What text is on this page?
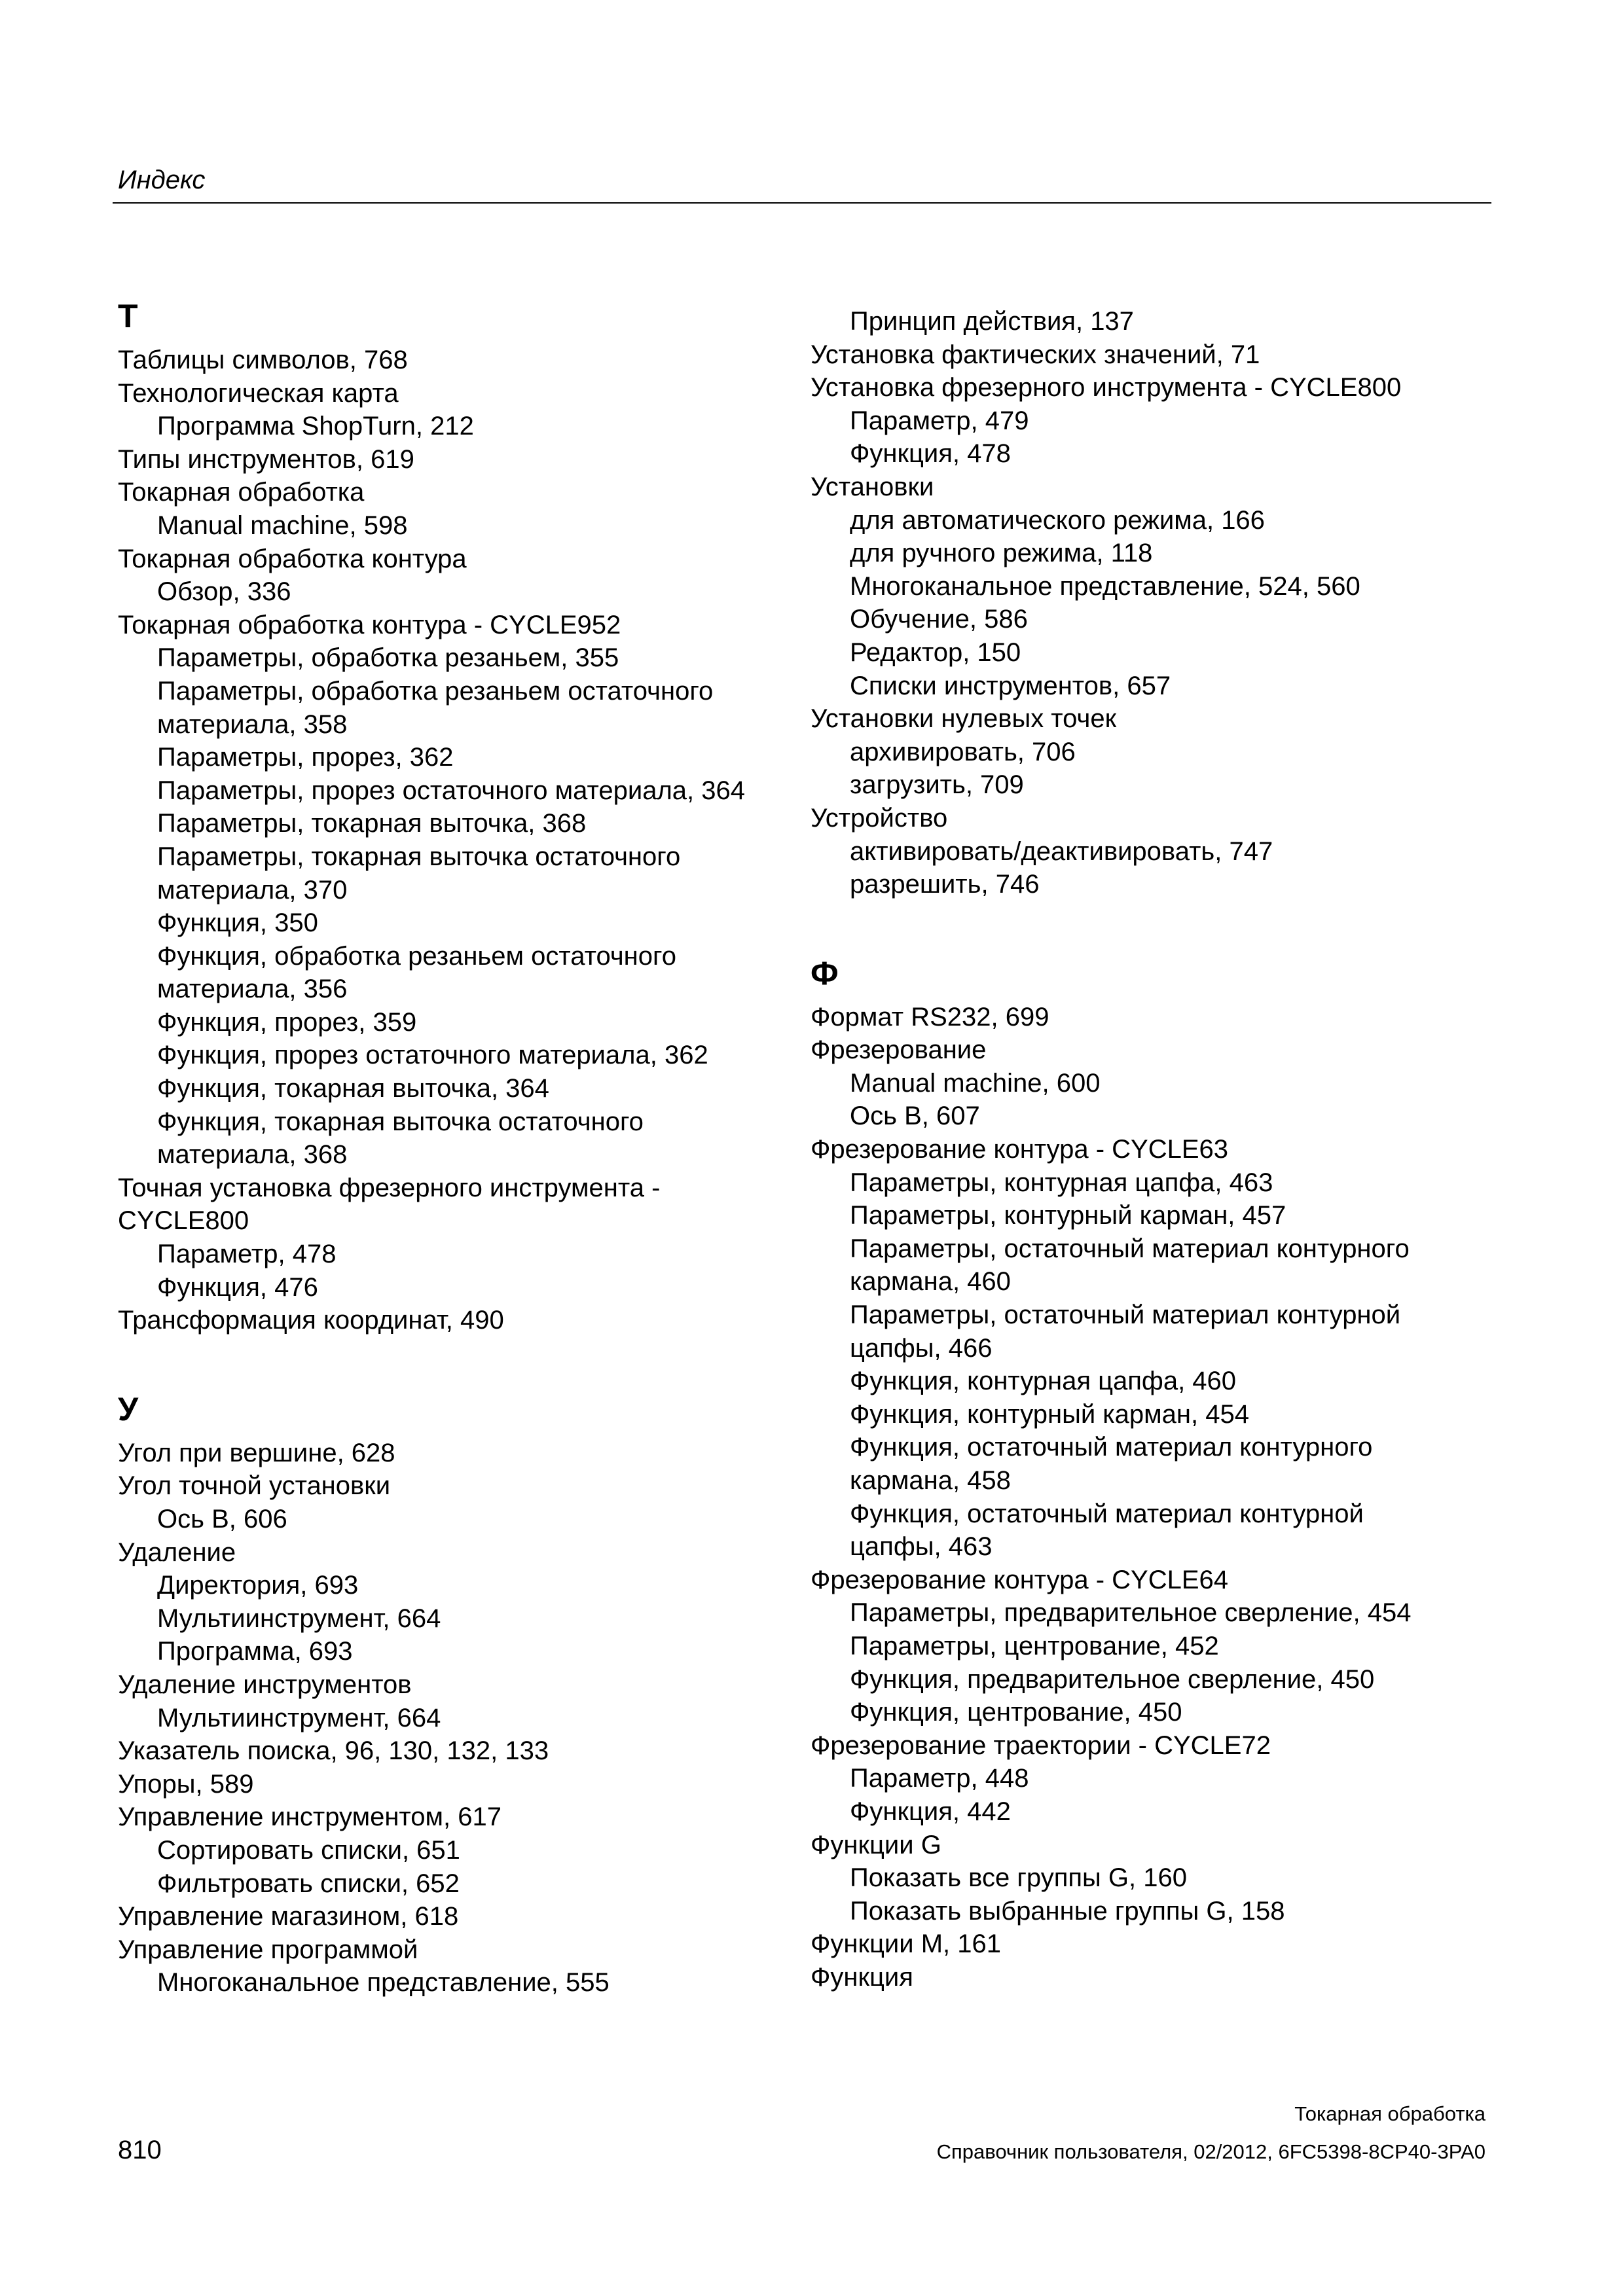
Индекс
Т
Таблицы символов, 768
Технологическая карта
Программа ShopTurn, 212
Типы инструментов, 619
Токарная обработка
Manual machine, 598
Токарная обработка контура
Обзор, 336
Токарная обработка контура - CYCLE952
Параметры, обработка резаньем, 355
Параметры, обработка резаньем остаточного
материала, 358
Параметры, прорез, 362
Параметры, прорез остаточного материала, 364
Параметры, токарная выточка, 368
Параметры, токарная выточка остаточного
материала, 370
Функция, 350
Функция, обработка резаньем остаточного
материала, 356
Функция, прорез, 359
Функция, прорез остаточного материала, 362
Функция, токарная выточка, 364
Функция, токарная выточка остаточного
материала, 368
Точная установка фрезерного инструмента -
CYCLE800
Параметр, 478
Функция, 476
Трансформация координат, 490
У
Угол при вершине, 628
Угол точной установки
Ось B, 606
Удаление
Директория, 693
Мультиинструмент, 664
Программа, 693
Удаление инструментов
Мультиинструмент, 664
Указатель поиска, 96, 130, 132, 133
Упоры, 589
Управление инструментом, 617
Сортировать списки, 651
Фильтровать списки, 652
Управление магазином, 618
Управление программой
Многоканальное представление, 555
Принцип действия, 137
Установка фактических значений, 71
Установка фрезерного инструмента - CYCLE800
Параметр, 479
Функция, 478
Установки
для автоматического режима, 166
для ручного режима, 118
Многоканальное представление, 524, 560
Обучение, 586
Редактор, 150
Списки инструментов, 657
Установки нулевых точек
архивировать, 706
загрузить, 709
Устройство
активировать/деактивировать, 747
разрешить, 746
Ф
Формат RS232, 699
Фрезерование
Manual machine, 600
Ось B, 607
Фрезерование контура - CYCLE63
Параметры, контурная цапфа, 463
Параметры, контурный карман, 457
Параметры, остаточный материал контурного
кармана, 460
Параметры, остаточный материал контурной
цапфы, 466
Функция, контурная цапфа, 460
Функция, контурный карман, 454
Функция, остаточный материал контурного
кармана, 458
Функция, остаточный материал контурной
цапфы, 463
Фрезерование контура - CYCLE64
Параметры, предварительное сверление, 454
Параметры, центрование, 452
Функция, предварительное сверление, 450
Функция, центрование, 450
Фрезерование траектории - CYCLE72
Параметр, 448
Функция, 442
Функции G
Показать все группы G, 160
Показать выбранные группы G, 158
Функции M, 161
Функция
Токарная обработка
810	Справочник пользователя, 02/2012, 6FC5398-8CP40-3PA0
